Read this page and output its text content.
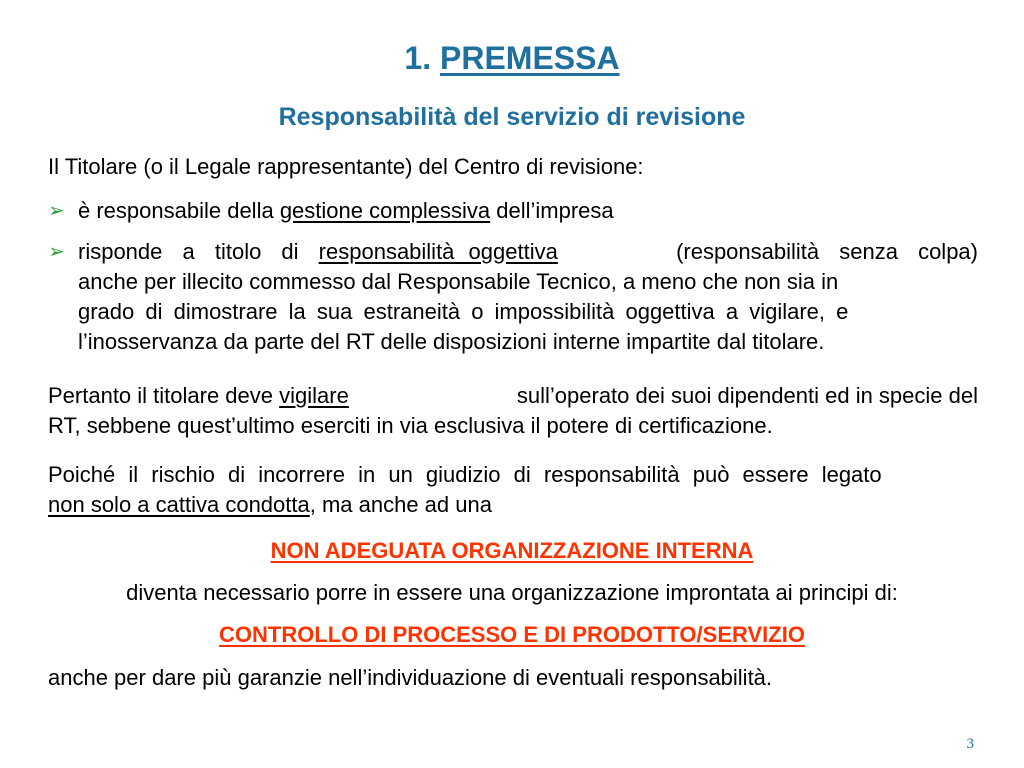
1. PREMESSA
Responsabilità del servizio di revisione
Il Titolare (o il Legale rappresentante) del Centro di revisione:
➢ è responsabile della gestione complessiva dell’impresa
➢ risponde a titolo di responsabilità oggettiva	(responsabilità senza colpa)
anche per illecito commesso dal Responsabile Tecnico, a meno che non sia in
grado di dimostrare la sua estraneità o impossibilità oggettiva a vigilare, e
l’inosservanza da parte del RT delle disposizioni interne impartite dal titolare.
Pertanto il titolare deve vigilare	sull’operato dei suoi dipendenti ed in specie del
RT, sebbene quest’ultimo eserciti in via esclusiva il potere di certificazione.
Poiché il rischio di incorrere in un giudizio di responsabilità può essere legato
non solo a cattiva condotta, ma anche ad una
NON ADEGUATA ORGANIZZAZIONE INTERNA
diventa necessario porre in essere una organizzazione improntata ai principi di:
CONTROLLO DI PROCESSO E DI PRODOTTO/SERVIZIO
anche per dare più garanzie nell’individuazione di eventuali responsabilità.
3
